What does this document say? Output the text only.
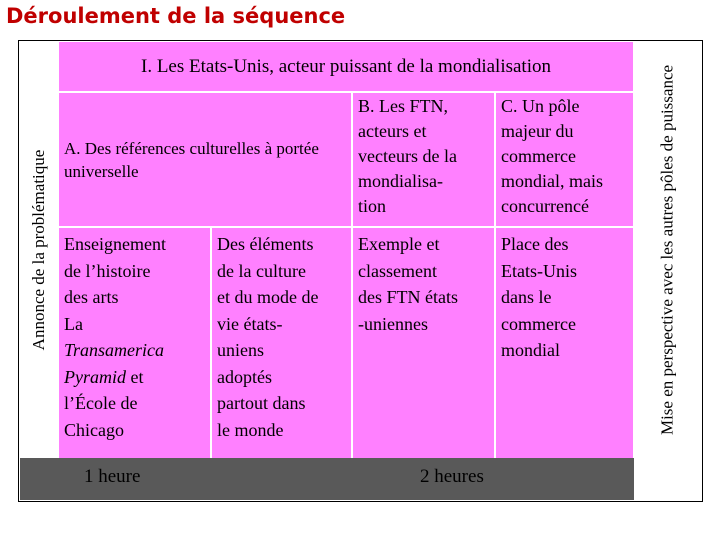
Déroulement de la séquence
Annonce de la problématique	Mise en perspective avec les autres pôles de puissance
I. Les Etats-Unis, acteur puissant de la mondialisation
A. Des références culturelles à portée universelle
B. Les FTN,
acteurs et
vecteurs de la
mondialisa-
tion
C. Un pôle
majeur du
commerce
mondial, mais
concurrencé
Enseignement
de l’histoire
des arts
La
Transamerica
Pyramid et
l’École de
Chicago
Des éléments
de la culture
et du mode de
vie états-
uniens
adoptés
partout dans
le monde
Exemple et
classement
des FTN états
-uniennes
Place des
Etats-Unis
dans le
commerce
mondial
1 heure	2 heures
